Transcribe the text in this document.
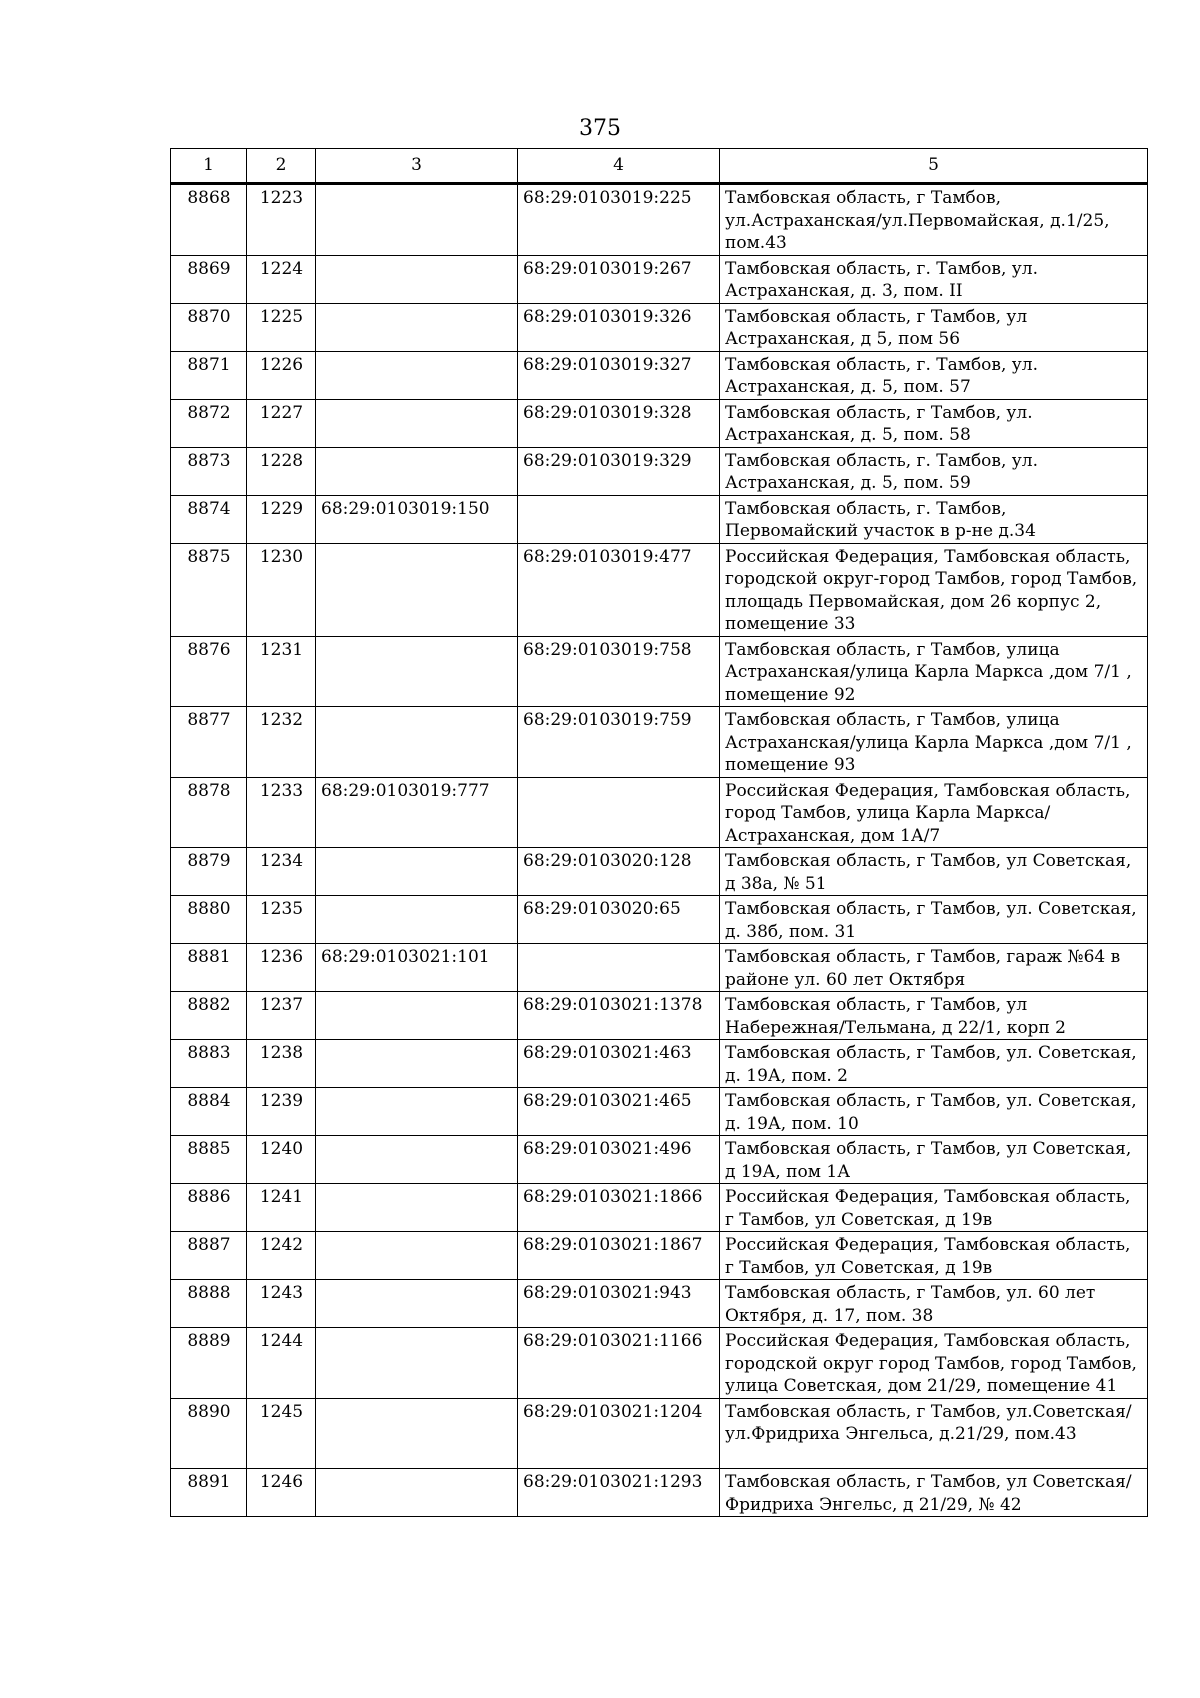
375
1	2	3	4	5
8868	1223		68:29:0103019:225	Тамбовская область, г Тамбов, ул.Астраханская/ул.Первомайская, д.1/25, пом.43
8869	1224		68:29:0103019:267	Тамбовская область, г. Тамбов, ул. Астраханская, д. 3, пом. II
8870	1225		68:29:0103019:326	Тамбовская область, г Тамбов, ул Астраханская, д 5, пом 56
8871	1226		68:29:0103019:327	Тамбовская область, г. Тамбов, ул. Астраханская, д. 5, пом. 57
8872	1227		68:29:0103019:328	Тамбовская область, г Тамбов, ул. Астраханская, д. 5, пом. 58
8873	1228		68:29:0103019:329	Тамбовская область, г. Тамбов, ул. Астраханская, д. 5, пом. 59
8874	1229	68:29:0103019:150		Тамбовская область, г. Тамбов, Первомайский участок в р-не д.34
8875	1230		68:29:0103019:477	Российская Федерация, Тамбовская область, городской округ-город Тамбов, город Тамбов, площадь Первомайская, дом 26 корпус 2, помещение 33
8876	1231		68:29:0103019:758	Тамбовская область, г Тамбов, улица Астраханская/улица Карла Маркса ,дом 7/1 , помещение 92
8877	1232		68:29:0103019:759	Тамбовская область, г Тамбов, улица Астраханская/улица Карла Маркса ,дом 7/1 , помещение 93
8878	1233	68:29:0103019:777		Российская Федерация, Тамбовская область, город Тамбов, улица Карла Маркса/Астраханская, дом 1А/7
8879	1234		68:29:0103020:128	Тамбовская область, г Тамбов, ул Советская, д 38а, № 51
8880	1235		68:29:0103020:65	Тамбовская область, г Тамбов, ул. Советская, д. 38б, пом. 31
8881	1236	68:29:0103021:101		Тамбовская область, г Тамбов, гараж №64 в районе ул. 60 лет Октября
8882	1237		68:29:0103021:1378	Тамбовская область, г Тамбов, ул Набережная/Тельмана, д 22/1, корп 2
8883	1238		68:29:0103021:463	Тамбовская область, г Тамбов, ул. Советская, д. 19А, пом. 2
8884	1239		68:29:0103021:465	Тамбовская область, г Тамбов, ул. Советская, д. 19А, пом. 10
8885	1240		68:29:0103021:496	Тамбовская область, г Тамбов, ул Советская, д 19А, пом 1А
8886	1241		68:29:0103021:1866	Российская Федерация, Тамбовская область, г Тамбов, ул Советская, д 19в
8887	1242		68:29:0103021:1867	Российская Федерация, Тамбовская область, г Тамбов, ул Советская, д 19в
8888	1243		68:29:0103021:943	Тамбовская область, г Тамбов, ул. 60 лет Октября, д. 17, пом. 38
8889	1244		68:29:0103021:1166	Российская Федерация, Тамбовская область, городской округ город Тамбов, город Тамбов, улица Советская, дом 21/29, помещение 41
8890	1245		68:29:0103021:1204	Тамбовская область, г Тамбов, ул.Советская/ул.Фридриха Энгельса, д.21/29, пом.43
8891	1246		68:29:0103021:1293	Тамбовская область, г Тамбов, ул Советская/Фридриха Энгельс, д 21/29, № 42
